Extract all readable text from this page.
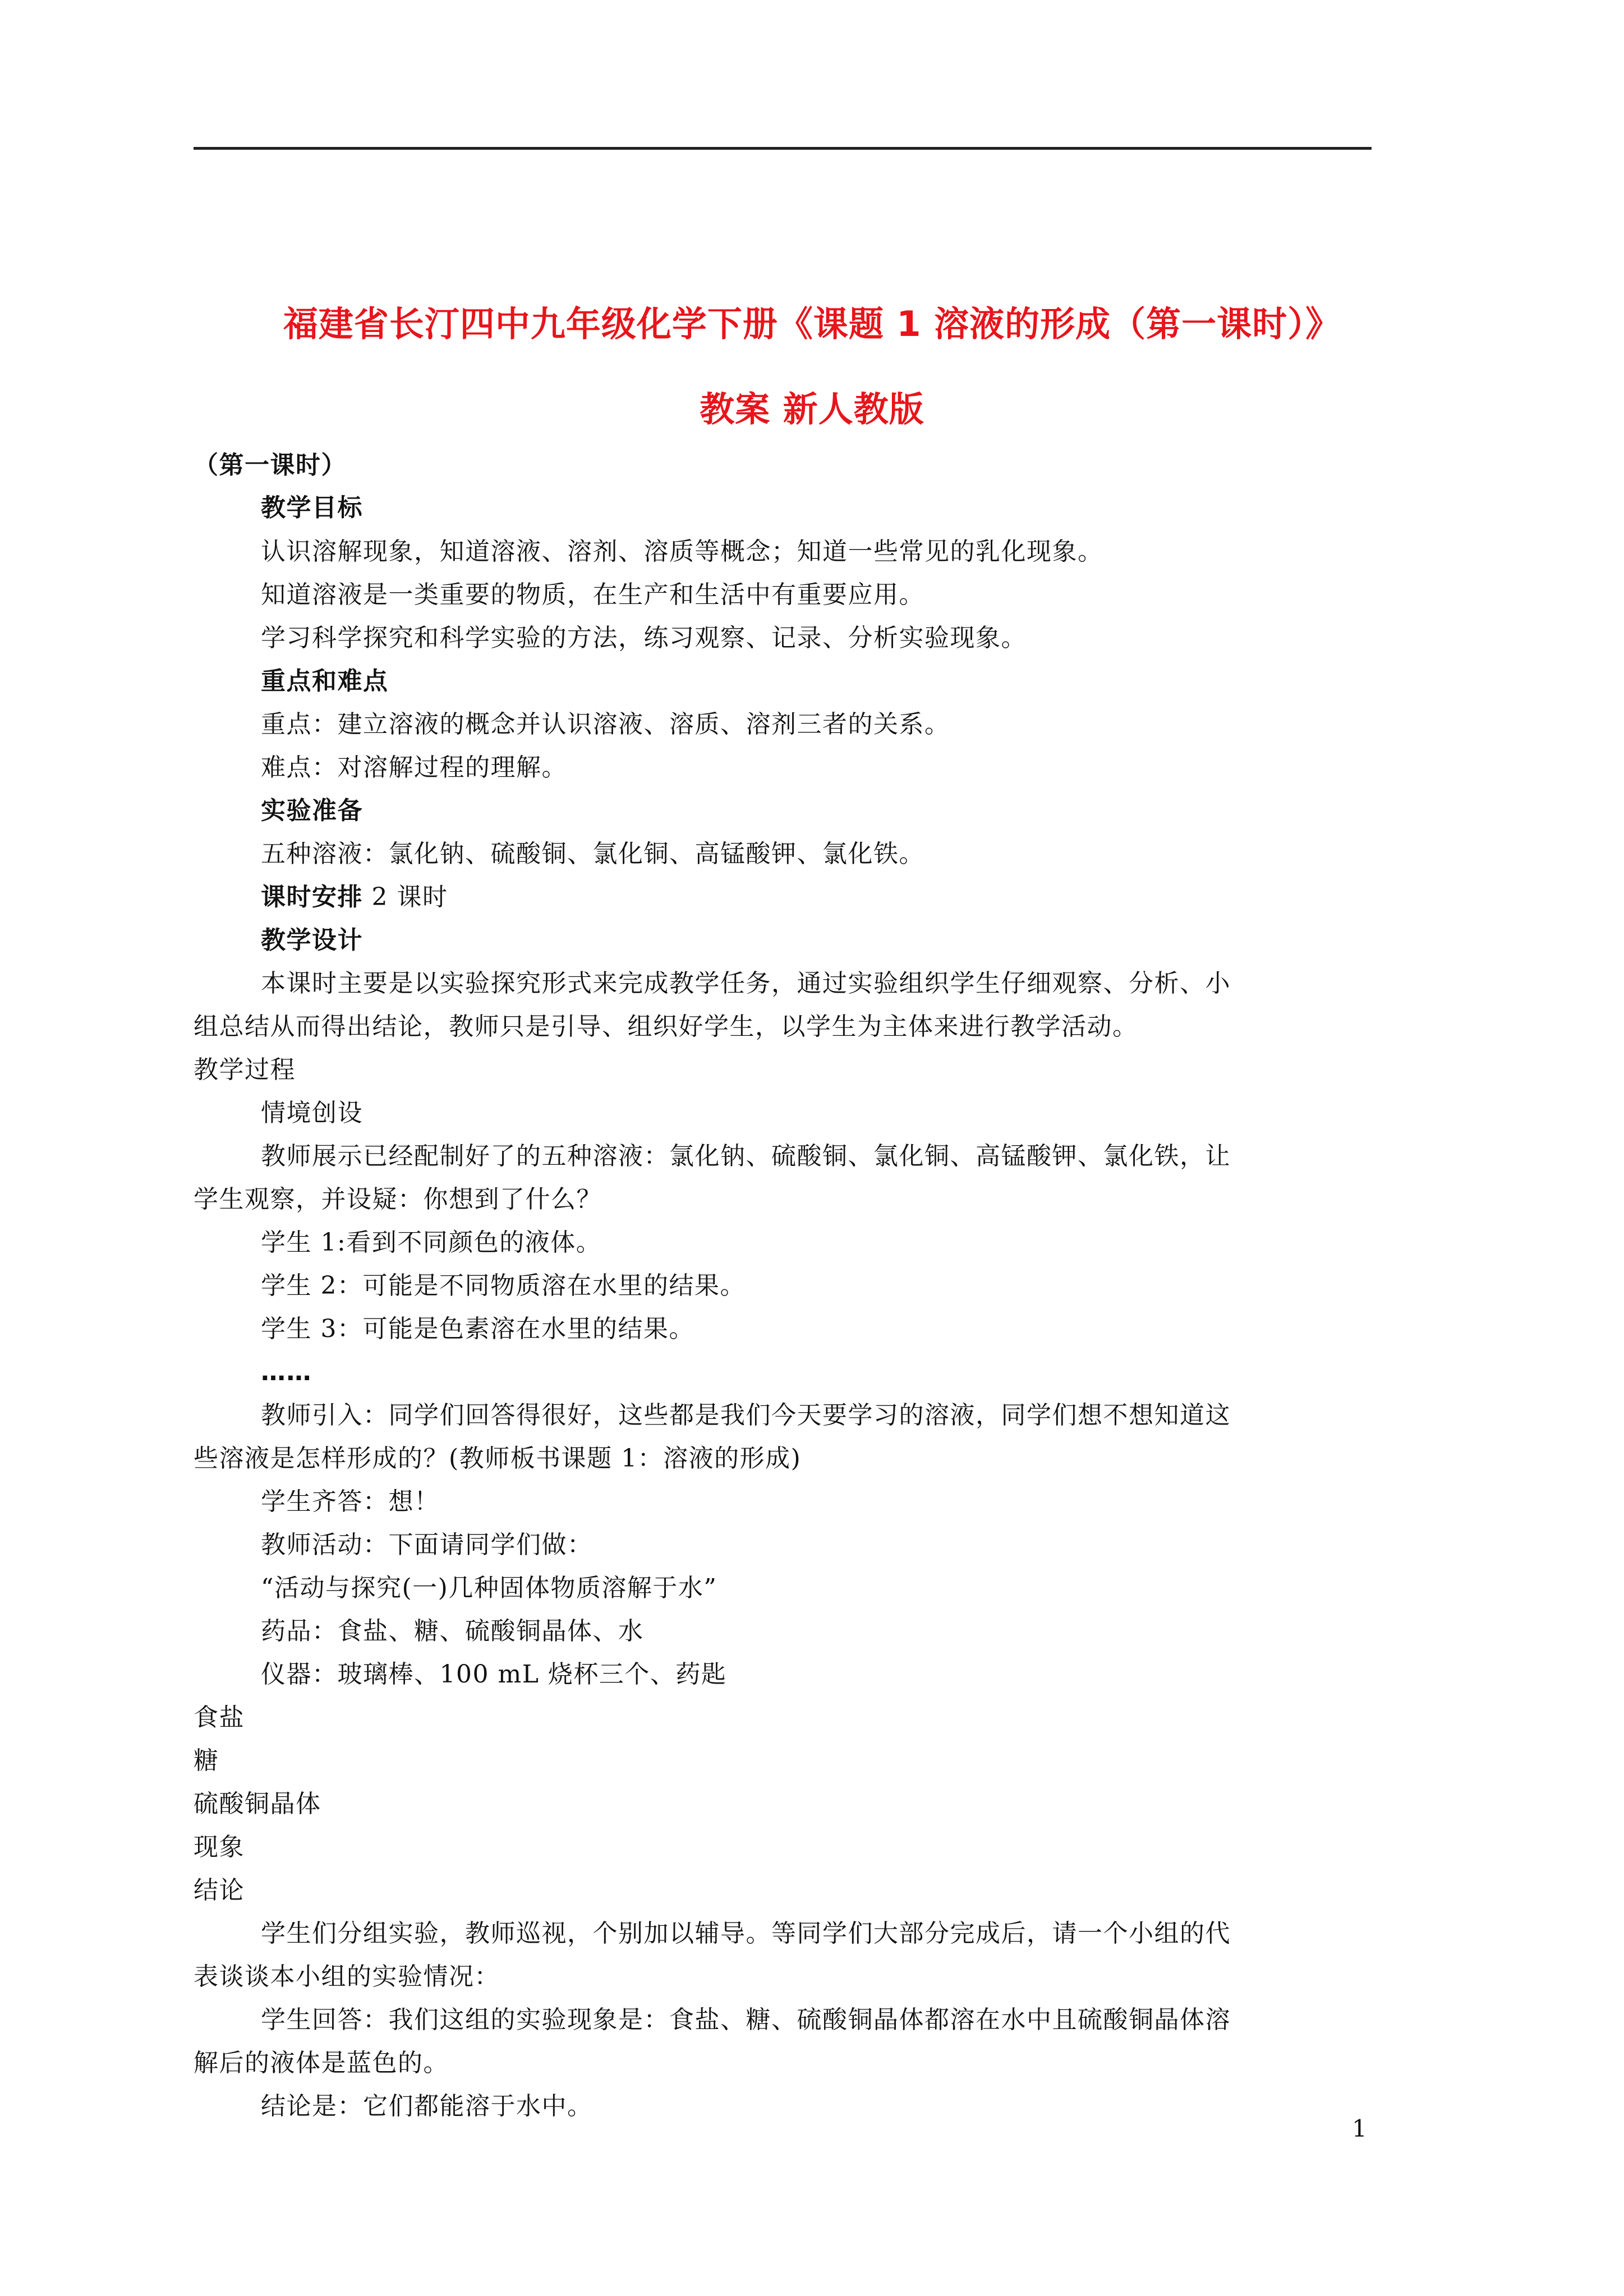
福建省长汀四中九年级化学下册《课题 1 溶液的形成（第一课时）》
教案 新人教版
（第一课时）
教学目标
认识溶解现象，知道溶液、溶剂、溶质等概念；知道一些常见的乳化现象。
知道溶液是一类重要的物质，在生产和生活中有重要应用。
学习科学探究和科学实验的方法，练习观察、记录、分析实验现象。
重点和难点
重点：建立溶液的概念并认识溶液、溶质、溶剂三者的关系。
难点：对溶解过程的理解。
实验准备
五种溶液：氯化钠、硫酸铜、氯化铜、高锰酸钾、氯化铁。
课时安排 2 课时
教学设计
本课时主要是以实验探究形式来完成教学任务，通过实验组织学生仔细观察、分析、小
组总结从而得出结论，教师只是引导、组织好学生，以学生为主体来进行教学活动。
教学过程
情境创设
教师展示已经配制好了的五种溶液：氯化钠、硫酸铜、氯化铜、高锰酸钾、氯化铁，让
学生观察，并设疑：你想到了什么？
学生 1:看到不同颜色的液体。
学生 2：可能是不同物质溶在水里的结果。
学生 3：可能是色素溶在水里的结果。
……
教师引入：同学们回答得很好，这些都是我们今天要学习的溶液，同学们想不想知道这
些溶液是怎样形成的？(教师板书课题 1：溶液的形成)
学生齐答：想！
教师活动：下面请同学们做：
“活动与探究(一)几种固体物质溶解于水”
药品：食盐、糖、硫酸铜晶体、水
仪器：玻璃棒、100 mL 烧杯三个、药匙
食盐
糖
硫酸铜晶体
现象
结论
学生们分组实验，教师巡视，个别加以辅导。等同学们大部分完成后，请一个小组的代
表谈谈本小组的实验情况：
学生回答：我们这组的实验现象是：食盐、糖、硫酸铜晶体都溶在水中且硫酸铜晶体溶
解后的液体是蓝色的。
结论是：它们都能溶于水中。
1
